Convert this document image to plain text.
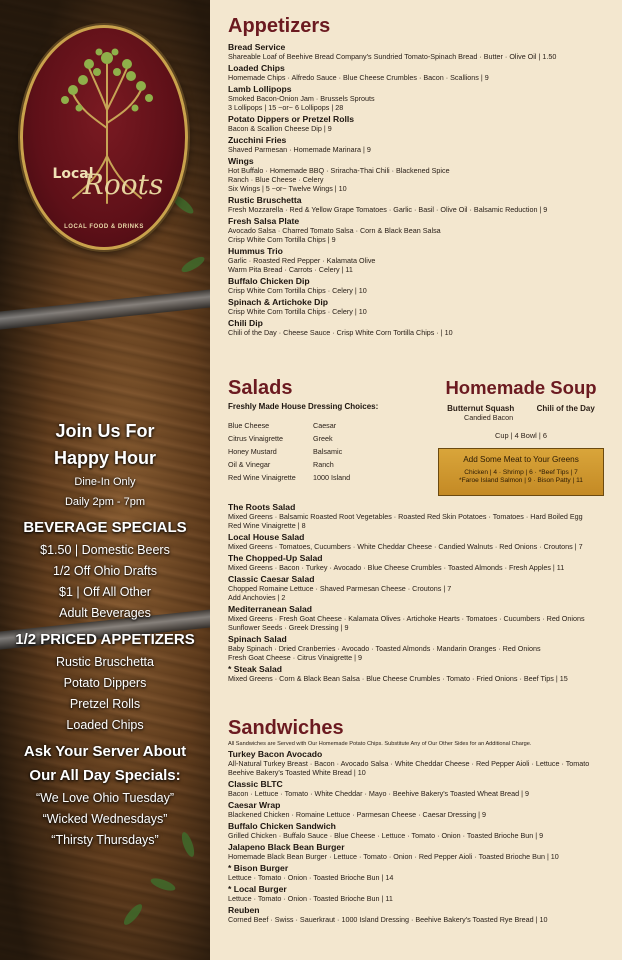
Local
Roots
LOCAL FOOD & DRINKS
Join Us For
Happy Hour
Dine-In Only
Daily 2pm - 7pm
BEVERAGE SPECIALS
$1.50 | Domestic Beers
1/2 Off Ohio Drafts
$1 | Off All Other
Adult Beverages
1/2 PRICED APPETIZERS
Rustic Bruschetta
Potato Dippers
Pretzel Rolls
Loaded Chips
Ask Your Server About
Our All Day Specials:
“We Love Ohio Tuesday”
“Wicked Wednesdays”
“Thirsty Thursdays”
Appetizers
Bread Service
Shareable Loaf of Beehive Bread Company's Sundried Tomato-Spinach Bread · Butter · Olive Oil | 1.50
Loaded Chips
Homemade Chips · Alfredo Sauce · Blue Cheese Crumbles · Bacon · Scallions | 9
Lamb Lollipops
Smoked Bacon-Onion Jam · Brussels Sprouts
3 Lollipops | 15 ~or~ 6 Lollipops | 28
Potato Dippers or Pretzel Rolls
Bacon & Scallion Cheese Dip | 9
Zucchini Fries
Shaved Parmesan · Homemade Marinara | 9
Wings
Hot Buffalo · Homemade BBQ · Sriracha-Thai Chili · Blackened Spice
Ranch · Blue Cheese · Celery
Six Wings | 5 ~or~ Twelve Wings | 10
Rustic Bruschetta
Fresh Mozzarella · Red & Yellow Grape Tomatoes · Garlic · Basil · Olive Oil · Balsamic Reduction | 9
Fresh Salsa Plate
Avocado Salsa · Charred Tomato Salsa · Corn & Black Bean Salsa
Crisp White Corn Tortilla Chips | 9
Hummus Trio
Garlic · Roasted Red Pepper · Kalamata Olive
Warm Pita Bread · Carrots · Celery | 11
Buffalo Chicken Dip
Crisp White Corn Tortilla Chips · Celery | 10
Spinach & Artichoke Dip
Crisp White Corn Tortilla Chips · Celery | 10
Chili Dip
Chili of the Day · Cheese Sauce · Crisp White Corn Tortilla Chips · | 10
Salads
Freshly Made House Dressing Choices:
Blue Cheese	Caesar
Citrus Vinaigrette	Greek
Honey Mustard	Balsamic
Oil & Vinegar	Ranch
Red Wine Vinaigrette	1000 Island
Homemade Soup
Butternut Squash	Chili of the Day
Candied Bacon
Cup | 4 Bowl | 6
Add Some Meat to Your Greens
Chicken | 4 · Shrimp | 6 · *Beef Tips | 7
*Faroe Island Salmon | 9 · Bison Patty | 11
The Roots Salad
Mixed Greens · Balsamic Roasted Root Vegetables · Roasted Red Skin Potatoes · Tomatoes · Hard Boiled Egg
Red Wine Vinaigrette | 8
Local House Salad
Mixed Greens · Tomatoes, Cucumbers · White Cheddar Cheese · Candied Walnuts · Red Onions · Croutons | 7
The Chopped-Up Salad
Mixed Greens · Bacon · Turkey · Avocado · Blue Cheese Crumbles · Toasted Almonds · Fresh Apples | 11
Classic Caesar Salad
Chopped Romaine Lettuce · Shaved Parmesan Cheese · Croutons | 7
Add Anchovies | 2
Mediterranean Salad
Mixed Greens · Fresh Goat Cheese · Kalamata Olives · Artichoke Hearts · Tomatoes · Cucumbers · Red Onions
Sunflower Seeds · Greek Dressing | 9
Spinach Salad
Baby Spinach · Dried Cranberries · Avocado · Toasted Almonds · Mandarin Oranges · Red Onions
Fresh Goat Cheese · Citrus Vinaigrette | 9
* Steak Salad
Mixed Greens · Corn & Black Bean Salsa · Blue Cheese Crumbles · Tomato · Fried Onions · Beef Tips | 15
Sandwiches
All Sandwiches are Served with Our Homemade Potato Chips. Substitute Any of Our Other Sides for an Additional Charge.
Turkey Bacon Avocado
All-Natural Turkey Breast · Bacon · Avocado Salsa · White Cheddar Cheese · Red Pepper Aioli · Lettuce · Tomato
Beehive Bakery's Toasted White Bread | 10
Classic BLTC
Bacon · Lettuce · Tomato · White Cheddar · Mayo · Beehive Bakery's Toasted Wheat Bread | 9
Caesar Wrap
Blackened Chicken · Romaine Lettuce · Parmesan Cheese · Caesar Dressing | 9
Buffalo Chicken Sandwich
Grilled Chicken · Buffalo Sauce · Blue Cheese · Lettuce · Tomato · Onion · Toasted Brioche Bun | 9
Jalapeno Black Bean Burger
Homemade Black Bean Burger · Lettuce · Tomato · Onion · Red Pepper Aioli · Toasted Brioche Bun | 10
* Bison Burger
Lettuce · Tomato · Onion · Toasted Brioche Bun | 14
* Local Burger
Lettuce · Tomato · Onion · Toasted Brioche Bun | 11
Reuben
Corned Beef · Swiss · Sauerkraut · 1000 Island Dressing · Beehive Bakery's Toasted Rye Bread | 10
